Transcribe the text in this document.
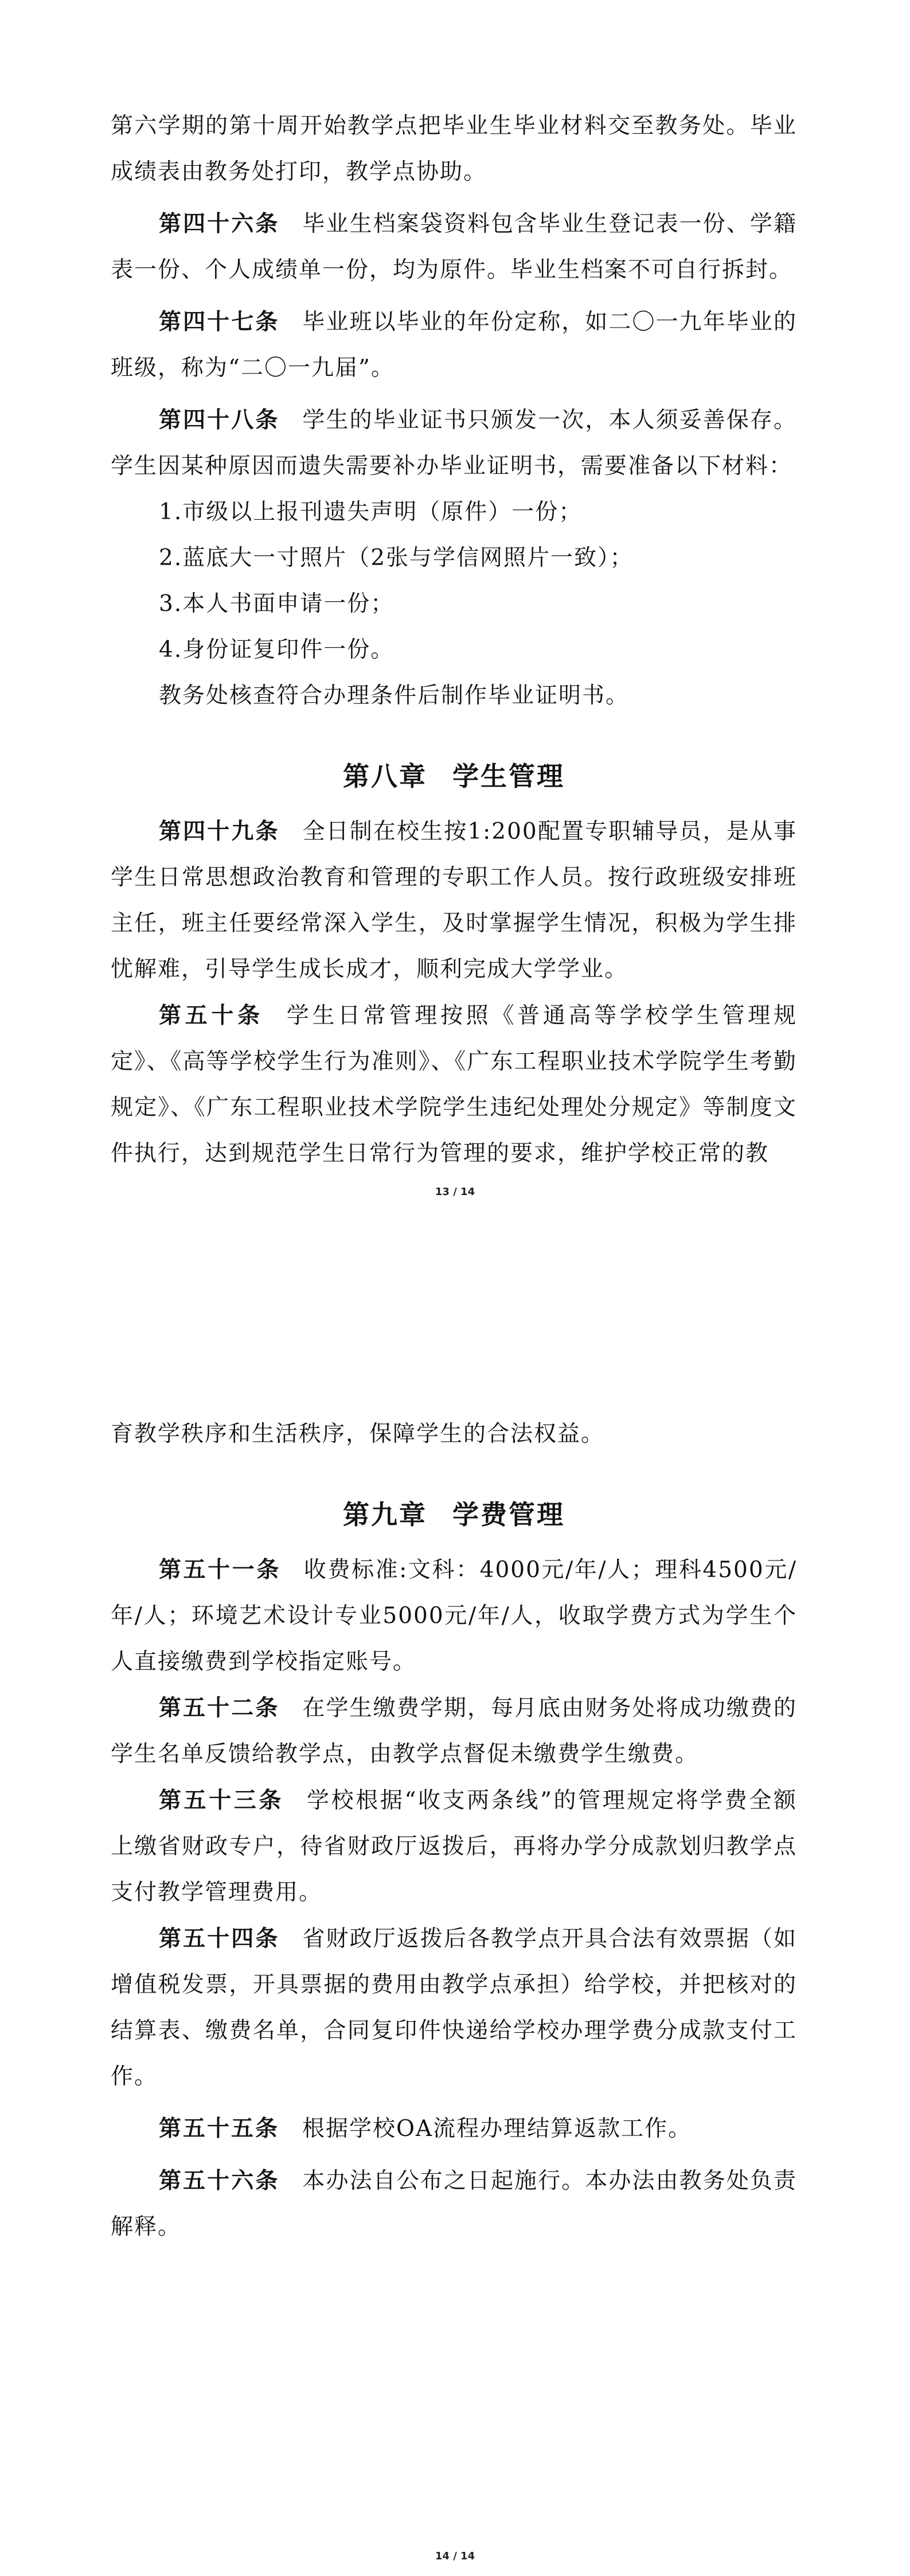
第六学期的第十周开始教学点把毕业生毕业材料交至教务处。毕业成绩表由教务处打印，教学点协助。

第四十六条 毕业生档案袋资料包含毕业生登记表一份、学籍表一份、个人成绩单一份，均为原件。毕业生档案不可自行拆封。

第四十七条 毕业班以毕业的年份定称，如二〇一九年毕业的班级，称为“二〇一九届”。

第四十八条 学生的毕业证书只颁发一次，本人须妥善保存。学生因某种原因而遗失需要补办毕业证明书，需要准备以下材料：

1.市级以上报刊遗失声明（原件）一份；

2.蓝底大一寸照片（2张与学信网照片一致）；

3.本人书面申请一份；

4.身份证复印件一份。

教务处核查符合办理条件后制作毕业证明书。

第八章 学生管理

第四十九条 全日制在校生按1:200配置专职辅导员，是从事学生日常思想政治教育和管理的专职工作人员。按行政班级安排班主任，班主任要经常深入学生，及时掌握学生情况，积极为学生排忧解难，引导学生成长成才，顺利完成大学学业。

第五十条 学生日常管理按照《普通高等学校学生管理规定》、《高等学校学生行为准则》、《广东工程职业技术学院学生考勤规定》、《广东工程职业技术学院学生违纪处理处分规定》等制度文件执行，达到规范学生日常行为管理的要求，维护学校正常的教

13 / 14

育教学秩序和生活秩序，保障学生的合法权益。

第九章 学费管理

第五十一条 收费标准:文科：4000元/年/人；理科4500元/年/人；环境艺术设计专业5000元/年/人，收取学费方式为学生个人直接缴费到学校指定账号。

第五十二条 在学生缴费学期，每月底由财务处将成功缴费的学生名单反馈给教学点，由教学点督促未缴费学生缴费。

第五十三条 学校根据“收支两条线”的管理规定将学费全额上缴省财政专户，待省财政厅返拨后，再将办学分成款划归教学点支付教学管理费用。

第五十四条 省财政厅返拨后各教学点开具合法有效票据（如增值税发票，开具票据的费用由教学点承担）给学校，并把核对的结算表、缴费名单，合同复印件快递给学校办理学费分成款支付工作。

第五十五条 根据学校OA流程办理结算返款工作。

第五十六条 本办法自公布之日起施行。本办法由教务处负责解释。

14 / 14
